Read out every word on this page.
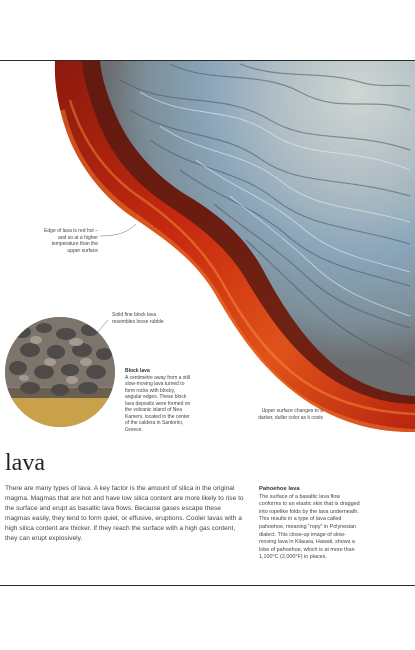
Edge of lava is red hot – and so at a higher temperature than the upper surface
Solid fine block lava resembles loose rubble
Block lava
A centimetre away from a still slow-moving lava turned to form rocks with blocky, angular edges. These block lava deposits were formed on the volcanic island of Nea Kameni, located in the center of the caldera in Santorini, Greece.
Upper surface changes to a darker, duller color as it cools
lava

There are many types of lava. A key factor is the amount of silica in the original magma. Magmas that are hot and have low silica content are more likely to rise to the surface and erupt as basaltic lava flows. Because gases escape these magmas easily, they tend to form quiet, or effusive, eruptions. Cooler lavas with a high silica content are thicker. If they reach the surface with a high gas content, they can erupt explosively.

Pahoehoe lava
The surface of a basaltic lava flow conforms to an elastic skin that is dragged into ropelike folds by the lava underneath. This results in a type of lava called pahoehoe, meaning "ropy" in Polynesian dialect. This close-up image of slow-moving lava in Kilauea, Hawaii, shows a lobe of pahoehoe, which is at more than 1,100°C (2,000°F) in places.
